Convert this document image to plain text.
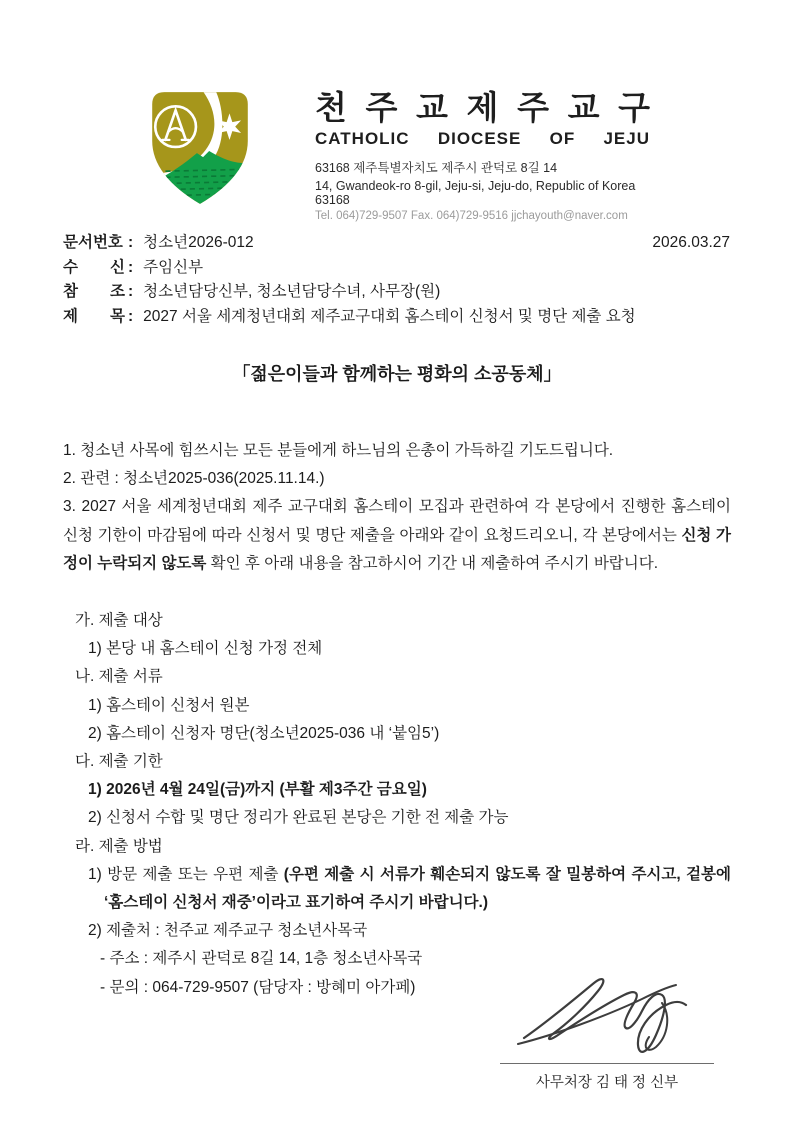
천 주 교 제 주 교 구
CATHOLIC DIOCESE OF JEJU
63168 제주특별자치도 제주시 관덕로 8길 14
14, Gwandeok-ro 8-gil, Jeju-si, Jeju-do, Republic of Korea 63168
Tel. 064)729-9507 Fax. 064)729-9516 jjchayouth@naver.com
문서번호 : 청소년2026-012	2026.03.27
수 신 : 주임신부
참 조 : 청소년담당신부, 청소년담당수녀, 사무장(원)
제 목 : 2027 서울 세계청년대회 제주교구대회 홈스테이 신청서 및 명단 제출 요청
「젊은이들과 함께하는 평화의 소공동체」

1. 청소년 사목에 힘쓰시는 모든 분들에게 하느님의 은총이 가득하길 기도드립니다.

2. 관련 : 청소년2025-036(2025.11.14.)

3. 2027 서울 세계청년대회 제주 교구대회 홈스테이 모집과 관련하여 각 본당에서 진행한 홈스테이 신청 기한이 마감됨에 따라 신청서 및 명단 제출을 아래와 같이 요청드리오니, 각 본당에서는 신청 가정이 누락되지 않도록 확인 후 아래 내용을 참고하시어 기간 내 제출하여 주시기 바랍니다.

가. 제출 대상
1) 본당 내 홈스테이 신청 가정 전체
나. 제출 서류
1) 홈스테이 신청서 원본
2) 홈스테이 신청자 명단(청소년2025-036 내 ‘붙임5’)
다. 제출 기한
1) 2026년 4월 24일(금)까지 (부활 제3주간 금요일)
2) 신청서 수합 및 명단 정리가 완료된 본당은 기한 전 제출 가능
라. 제출 방법
1) 방문 제출 또는 우편 제출 (우편 제출 시 서류가 훼손되지 않도록 잘 밀봉하여 주시고, 겉봉에 ‘홈스테이 신청서 재중’이라고 표기하여 주시기 바랍니다.)
2) 제출처 : 천주교 제주교구 청소년사목국
- 주소 : 제주시 관덕로 8길 14, 1층 청소년사목국
- 문의 : 064-729-9507 (담당자 : 방혜미 아가페)
사무처장 김 태 정 신부
